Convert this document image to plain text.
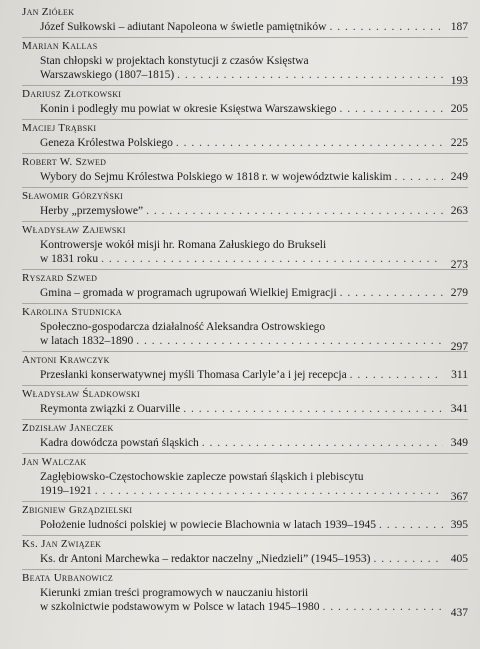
Jan Ziółek
Józef Sułkowski – adiutant Napoleona w świetle pamiętników . . .	187
Marian Kallas
Stan chłopski w projektach konstytucji z czasów Księstwa
Warszawskiego (1807–1815) . . .	193
Dariusz Złotkowski
Konin i podległy mu powiat w okresie Księstwa Warszawskiego . . .	205
Maciej Trąbski
Geneza Królestwa Polskiego . . .	225
Robert W. Szwed
Wybory do Sejmu Królestwa Polskiego w 1818 r. w województwie kaliskim . . .	249
Sławomir Górzyński
Herby „przemysłowe” . . .	263
Władysław Zajewski
Kontrowersje wokół misji hr. Romana Załuskiego do Brukseli
w 1831 roku . . .	273
Ryszard Szwed
Gmina – gromada w programach ugrupowań Wielkiej Emigracji . . .	279
Karolina Studnicka
Społeczno-gospodarcza działalność Aleksandra Ostrowskiego
w latach 1832–1890 . . .	297
Antoni Krawczyk
Przesłanki konserwatywnej myśli Thomasa Carlyle’a i jej recepcja . . .	311
Władysław Śladkowski
Reymonta związki z Ouarville . . .	341
Zdzisław Janeczek
Kadra dowódcza powstań śląskich . . .	349
Jan Walczak
Zagłębiowsko-Częstochowskie zaplecze powstań śląskich i plebiscytu
1919–1921 . . .	367
Zbigniew Grządzielski
Położenie ludności polskiej w powiecie Blachownia w latach 1939–1945 . . .	395
Ks. Jan Związek
Ks. dr Antoni Marchewka – redaktor naczelny „Niedzieli” (1945–1953) . . .	405
Beata Urbanowicz
Kierunki zmian treści programowych w nauczaniu historii
w szkolnictwie podstawowym w Polsce w latach 1945–1980 . . .	437
